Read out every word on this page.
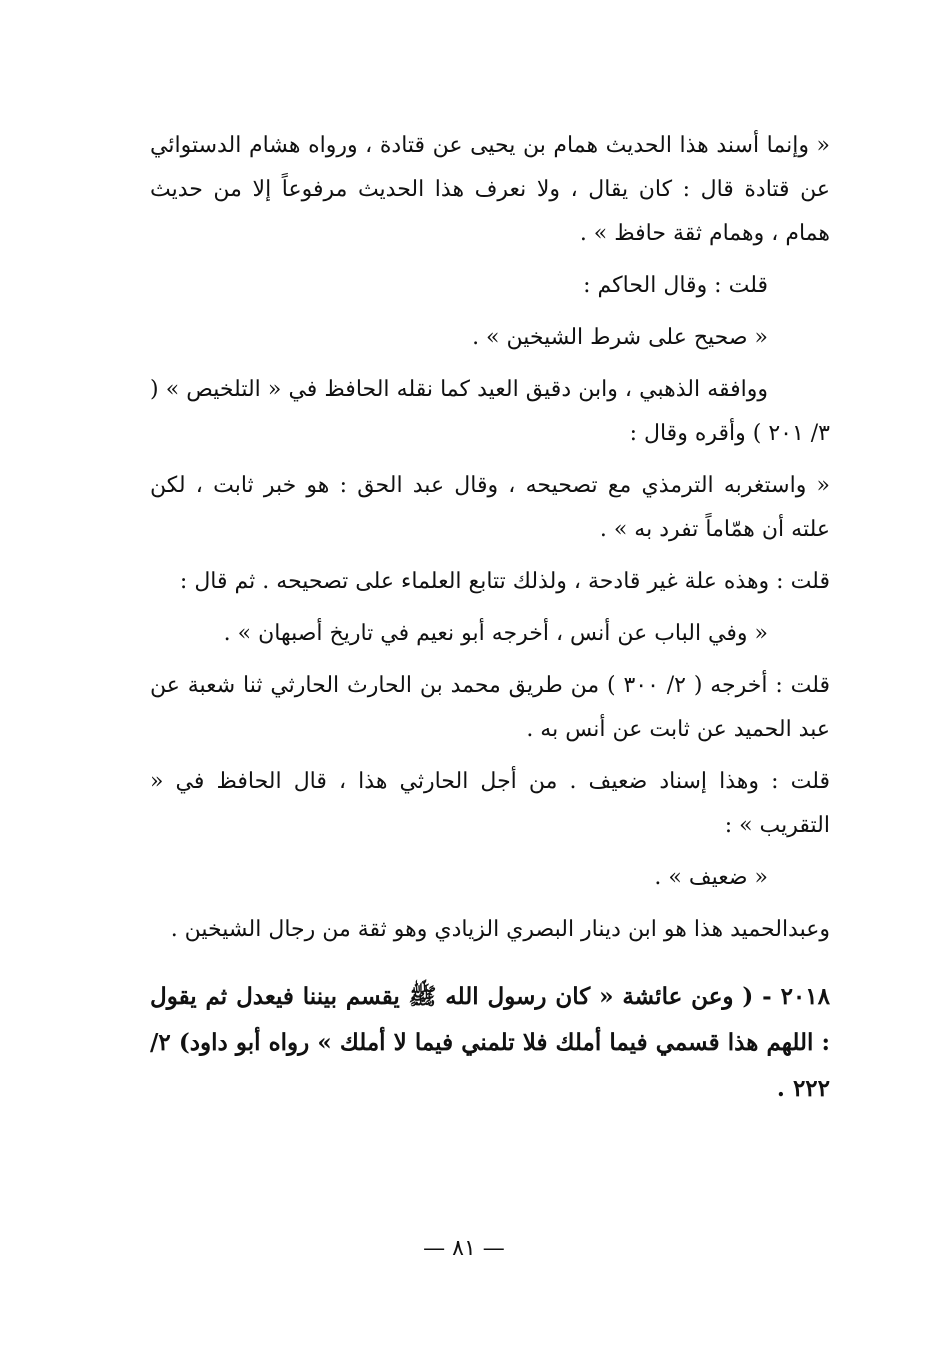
« وإنما أسند هذا الحديث همام بن يحيى عن قتادة ، ورواه هشام الدستوائي عن قتادة قال : كان يقال ، ولا نعرف هذا الحديث مرفوعاً إلا من حديث همام ، وهمام ثقة حافظ » .

قلت : وقال الحاكم :

« صحيح على شرط الشيخين » .

ووافقه الذهبي ، وابن دقيق العيد كما نقله الحافظ في « التلخيص » ( ٣/ ٢٠١ ) وأقره وقال :

« واستغربه الترمذي مع تصحيحه ، وقال عبد الحق : هو خبر ثابت ، لكن علته أن همّاماً تفرد به » .

قلت : وهذه علة غير قادحة ، ولذلك تتابع العلماء على تصحيحه . ثم قال :

« وفي الباب عن أنس ، أخرجه أبو نعيم في تاريخ أصبهان » .

قلت : أخرجه ( ٢/ ٣٠٠ ) من طريق محمد بن الحارث الحارثي ثنا شعبة عن عبد الحميد عن ثابت عن أنس به .

قلت : وهذا إسناد ضعيف . من أجل الحارثي هذا ، قال الحافظ في « التقريب » :

« ضعيف » .

وعبدالحميد هذا هو ابن دينار البصري الزيادي وهو ثقة من رجال الشيخين .

٢٠١٨ - ( وعن عائشة « كان رسول الله ﷺ يقسم بيننا فيعدل ثم يقول : اللهم هذا قسمي فيما أملك فلا تلمني فيما لا أملك » رواه أبو داود) ٢/ ٢٢٢ .

— ٨١ —
